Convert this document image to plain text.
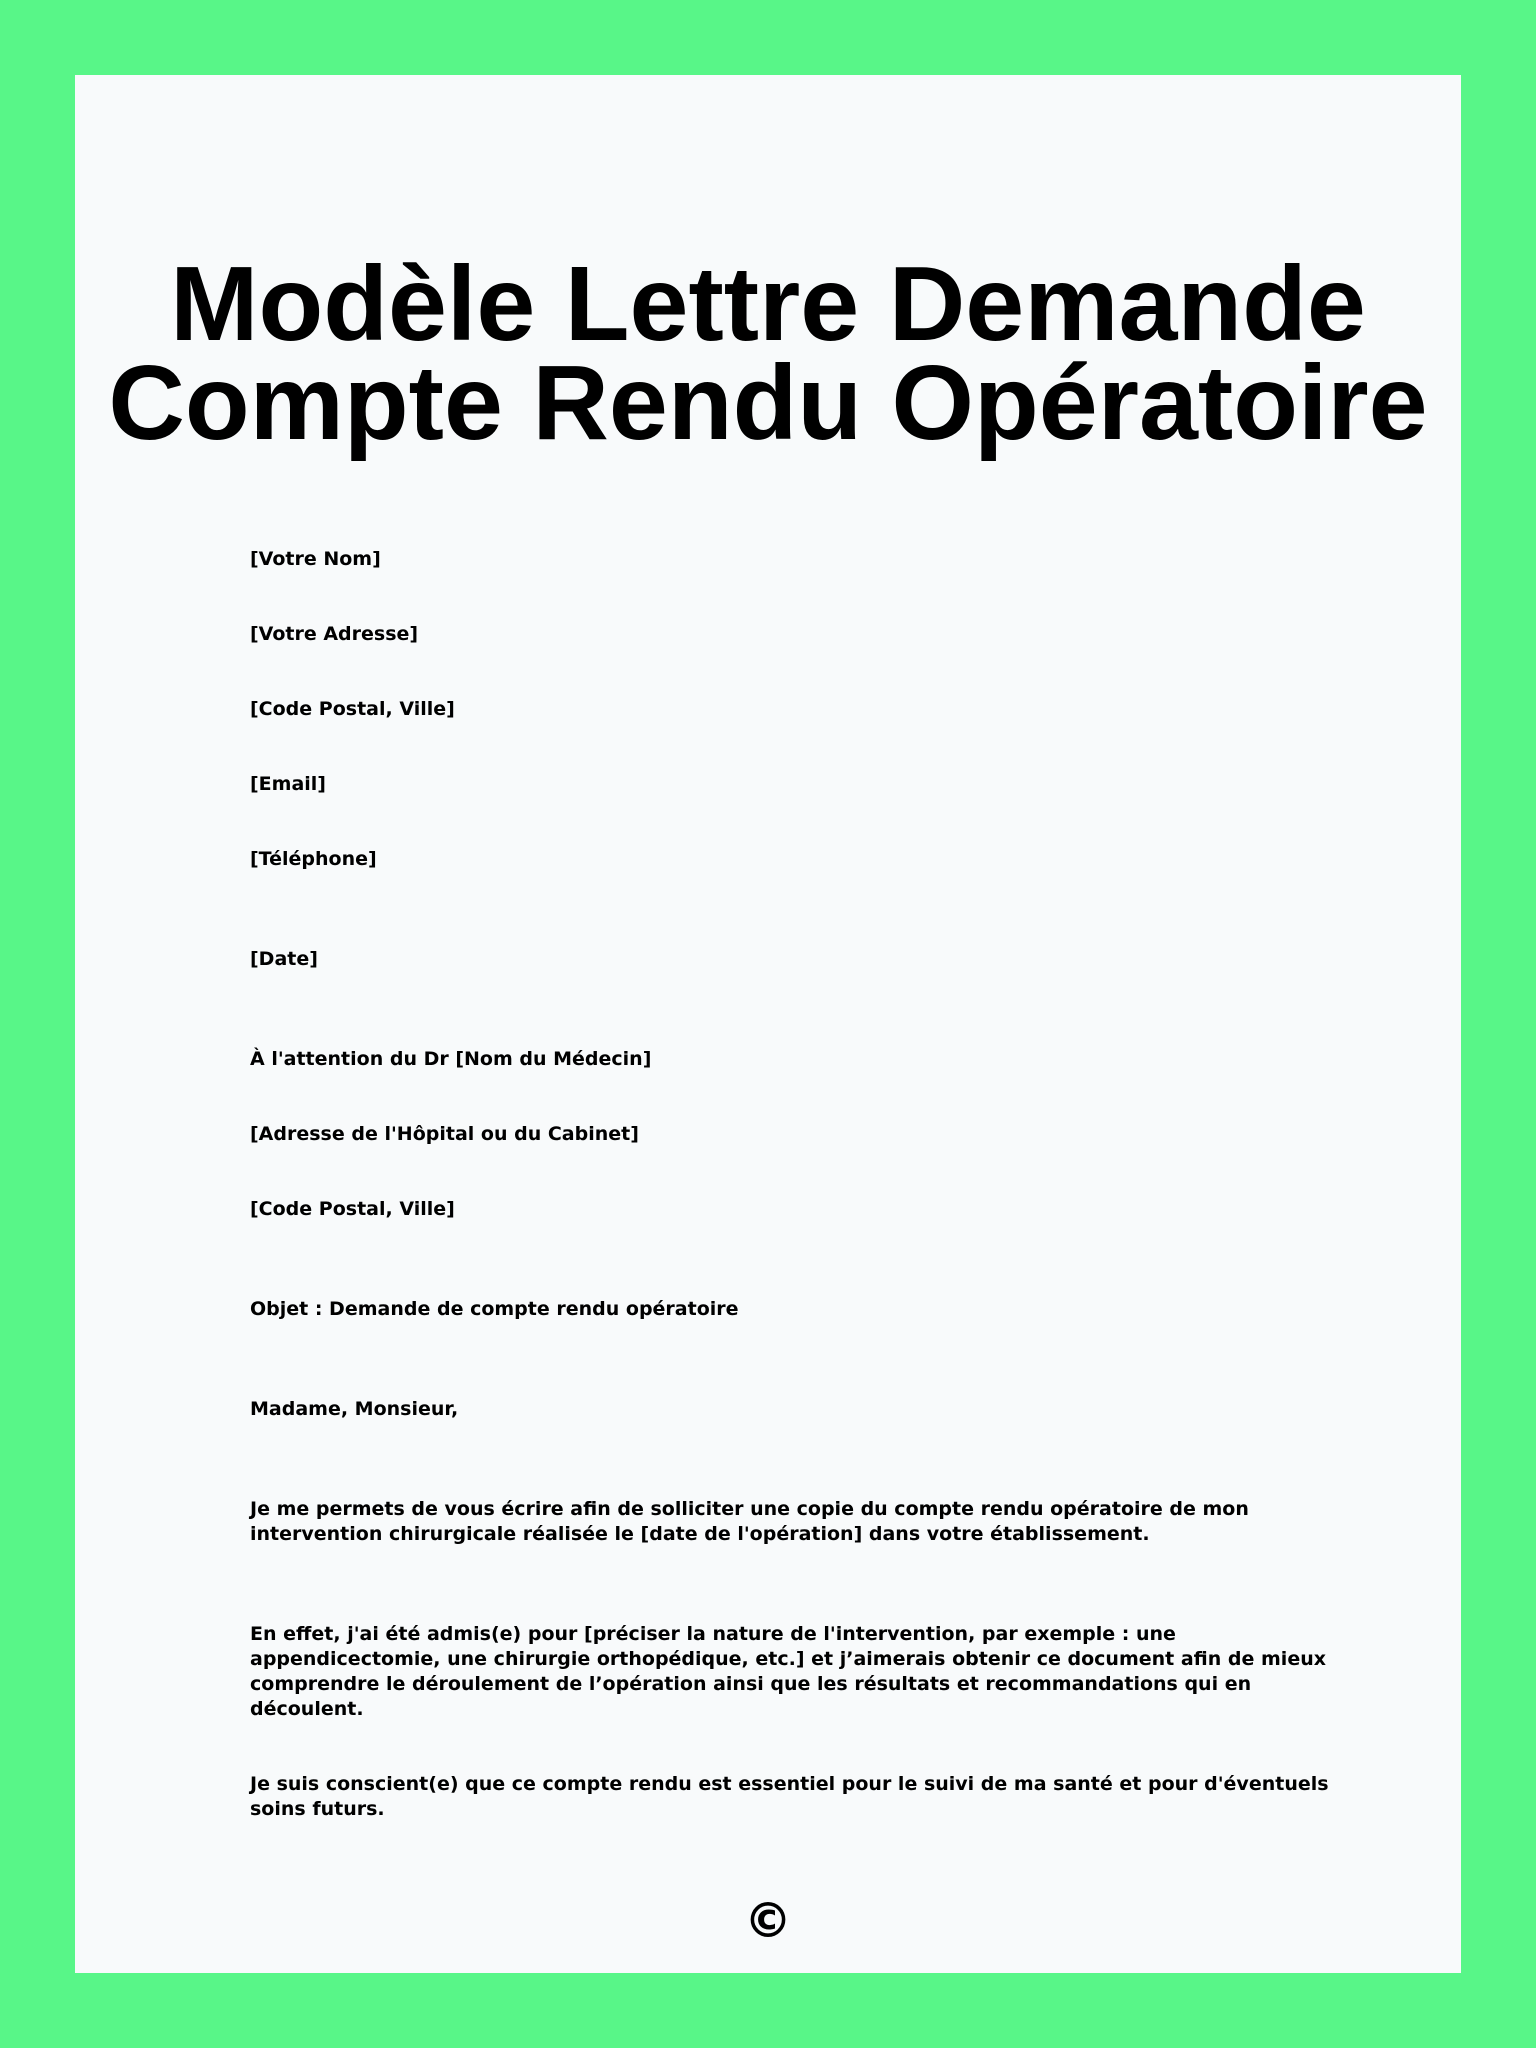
Modèle Lettre Demande
Compte Rendu Opératoire
[Votre Nom]
[Votre Adresse]
[Code Postal, Ville]
[Email]
[Téléphone]
[Date]
À l'attention du Dr [Nom du Médecin]
[Adresse de l'Hôpital ou du Cabinet]
[Code Postal, Ville]
Objet : Demande de compte rendu opératoire
Madame, Monsieur,

Je me permets de vous écrire afin de solliciter une copie du compte rendu opératoire de mon intervention chirurgicale réalisée le [date de l'opération] dans votre établissement.

En effet, j'ai été admis(e) pour [préciser la nature de l'intervention, par exemple : une appendicectomie, une chirurgie orthopédique, etc.] et j’aimerais obtenir ce document afin de mieux comprendre le déroulement de l’opération ainsi que les résultats et recommandations qui en découlent.

Je suis conscient(e) que ce compte rendu est essentiel pour le suivi de ma santé et pour d'éventuels soins futurs.

©
